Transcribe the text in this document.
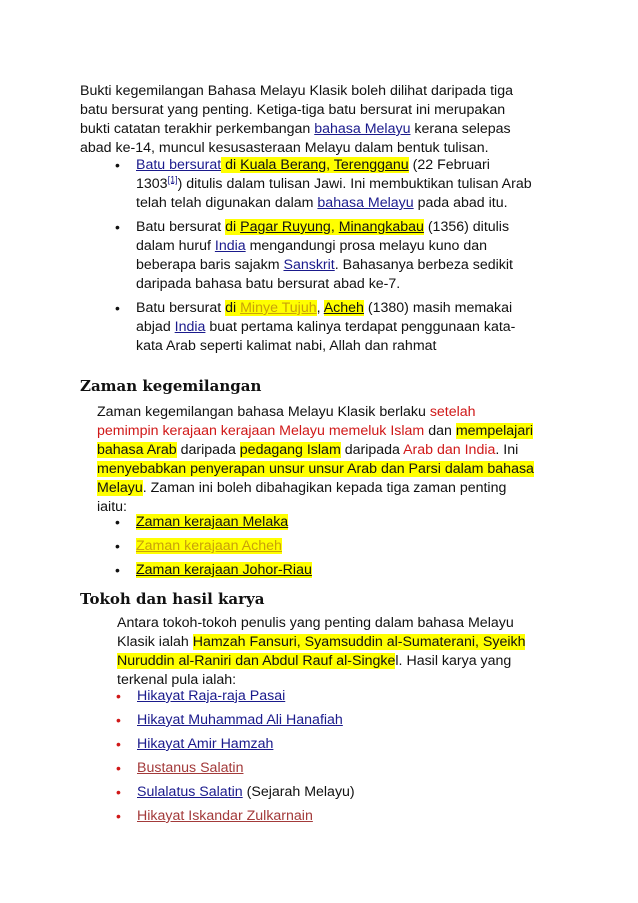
Bukti kegemilangan Bahasa Melayu Klasik boleh dilihat daripada tiga
batu bersurat yang penting. Ketiga-tiga batu bersurat ini merupakan
bukti catatan terakhir perkembangan bahasa Melayu kerana selepas
abad ke-14, muncul kesusasteraan Melayu dalam bentuk tulisan.

• Batu bersurat di Kuala Berang, Terengganu (22 Februari
1303[1]) ditulis dalam tulisan Jawi. Ini membuktikan tulisan Arab
telah telah digunakan dalam bahasa Melayu pada abad itu.
• Batu bersurat di Pagar Ruyung, Minangkabau (1356) ditulis
dalam huruf India mengandungi prosa melayu kuno dan
beberapa baris sajakm Sanskrit. Bahasanya berbeza sedikit
daripada bahasa batu bersurat abad ke-7.
• Batu bersurat di Minye Tujuh, Acheh (1380) masih memakai
abjad India buat pertama kalinya terdapat penggunaan kata-
kata Arab seperti kalimat nabi, Allah dan rahmat
Zaman kegemilangan

Zaman kegemilangan bahasa Melayu Klasik berlaku setelah
pemimpin kerajaan kerajaan Melayu memeluk Islam dan mempelajari
bahasa Arab daripada pedagang Islam daripada Arab dan India. Ini
menyebabkan penyerapan unsur unsur Arab dan Parsi dalam bahasa
Melayu. Zaman ini boleh dibahagikan kepada tiga zaman penting
iaitu:

• Zaman kerajaan Melaka
• Zaman kerajaan Acheh
• Zaman kerajaan Johor-Riau
Tokoh dan hasil karya

Antara tokoh-tokoh penulis yang penting dalam bahasa Melayu
Klasik ialah Hamzah Fansuri, Syamsuddin al-Sumaterani, Syeikh
Nuruddin al-Raniri dan Abdul Rauf al-Singkel. Hasil karya yang
terkenal pula ialah:

• Hikayat Raja-raja Pasai
• Hikayat Muhammad Ali Hanafiah
• Hikayat Amir Hamzah
• Bustanus Salatin
• Sulalatus Salatin (Sejarah Melayu)
• Hikayat Iskandar Zulkarnain
